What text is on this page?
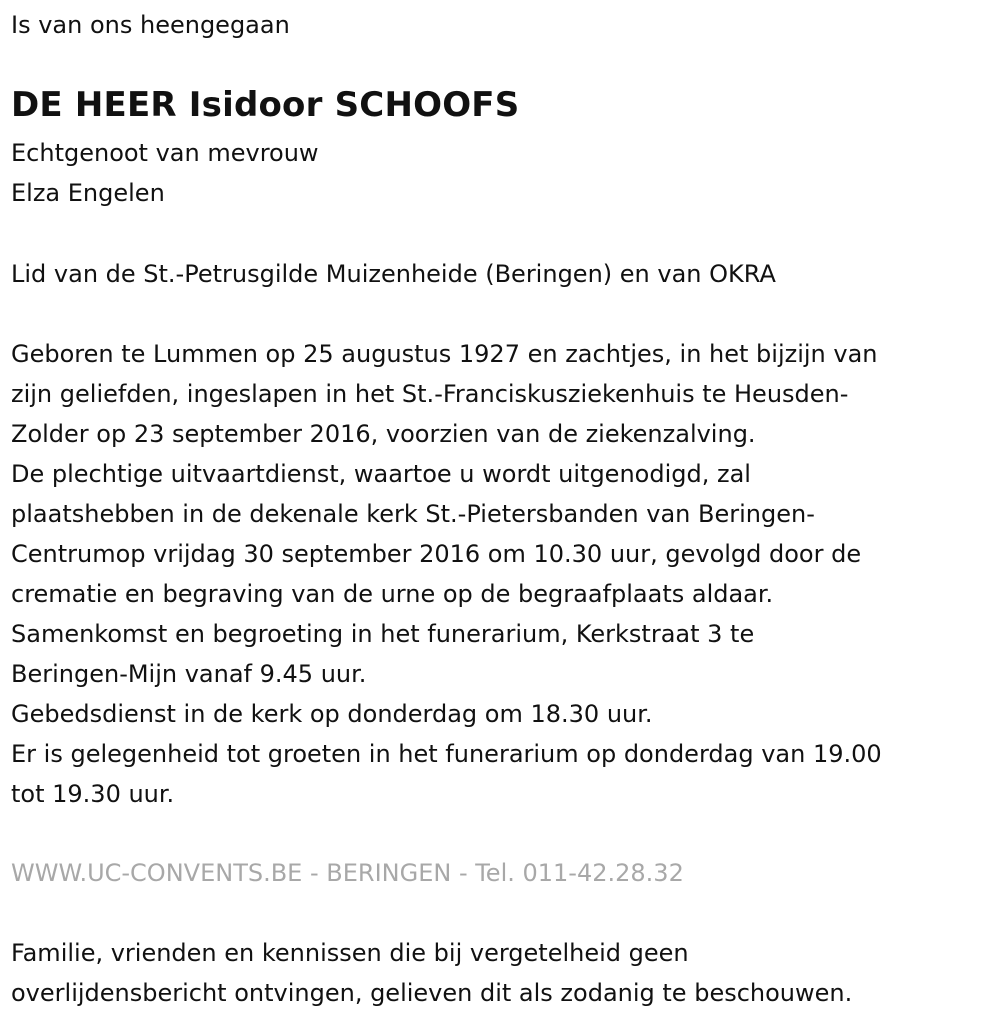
Is van ons heengegaan
DE HEER Isidoor SCHOOFS
Echtgenoot van mevrouw
Elza Engelen
Lid van de St.-Petrusgilde Muizenheide (Beringen) en van OKRA
Geboren te Lummen op 25 augustus 1927 en zachtjes, in het bijzijn van
zijn geliefden, ingeslapen in het St.-Franciskusziekenhuis te Heusden-
Zolder op 23 september 2016, voorzien van de ziekenzalving.
De plechtige uitvaartdienst, waartoe u wordt uitgenodigd, zal
plaatshebben in de dekenale kerk St.-Pietersbanden van Beringen-
Centrumop vrijdag 30 september 2016 om 10.30 uur, gevolgd door de
crematie en begraving van de urne op de begraafplaats aldaar.
Samenkomst en begroeting in het funerarium, Kerkstraat 3 te
Beringen-Mijn vanaf 9.45 uur.
Gebedsdienst in de kerk op donderdag om 18.30 uur.
Er is gelegenheid tot groeten in het funerarium op donderdag van 19.00
tot 19.30 uur.
WWW.UC-CONVENTS.BE - BERINGEN - Tel. 011-42.28.32
Familie, vrienden en kennissen die bij vergetelheid geen
overlijdensbericht ontvingen, gelieven dit als zodanig te beschouwen.
